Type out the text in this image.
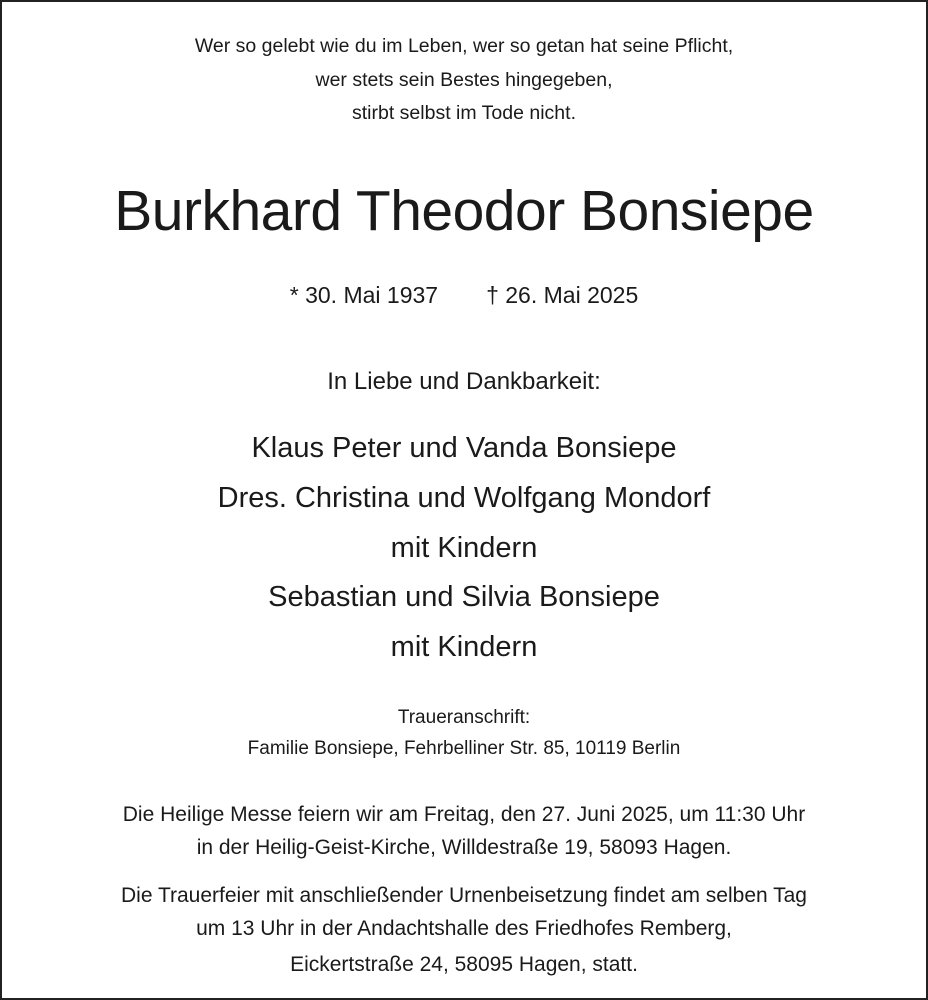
Wer so gelebt wie du im Leben, wer so getan hat seine Pflicht,
wer stets sein Bestes hingegeben,
stirbt selbst im Tode nicht.
Burkhard Theodor Bonsiepe
* 30. Mai 1937 † 26. Mai 2025
In Liebe und Dankbarkeit:
Klaus Peter und Vanda Bonsiepe
Dres. Christina und Wolfgang Mondorf
mit Kindern
Sebastian und Silvia Bonsiepe
mit Kindern
Traueranschrift:
Familie Bonsiepe, Fehrbelliner Str. 85, 10119 Berlin
Die Heilige Messe feiern wir am Freitag, den 27. Juni 2025, um 11:30 Uhr
in der Heilig-Geist-Kirche, Willdestraße 19, 58093 Hagen.
Die Trauerfeier mit anschließender Urnenbeisetzung findet am selben Tag
um 13 Uhr in der Andachtshalle des Friedhofes Remberg,
Eickertstraße 24, 58095 Hagen, statt.
